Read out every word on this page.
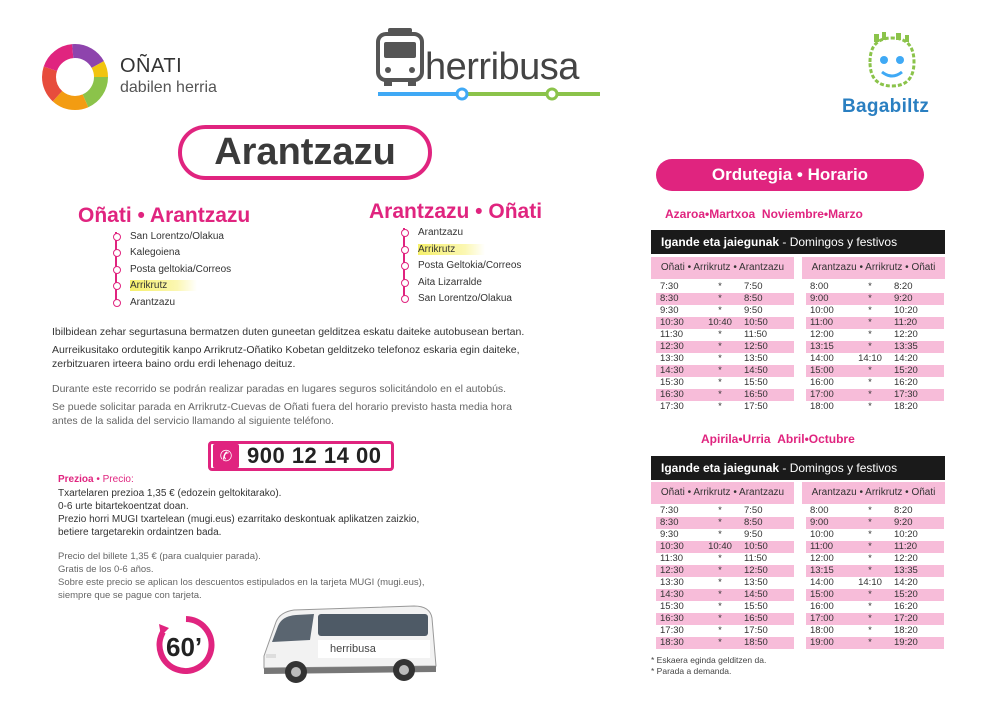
OÑATI
dabilen herria	herribusa
Bagabiltz
Arantzazu
Oñati • Arantzazu
San Lorentzo/Olakua
Kalegoiena
Posta geltokia/Correos
Arrikrutz
Arantzazu
Arantzazu • Oñati
Arantzazu
Arrikrutz
Posta Geltokia/Correos
Aita Lizarralde
San Lorentzo/Olakua
Ibilbidean zehar segurtasuna bermatzen duten guneetan gelditzea eskatu daiteke autobusean bertan.
Aurreikusitako ordutegitik kanpo Arrikrutz-Oñatiko Kobetan gelditzeko telefonoz eskaria egin daiteke,
zerbitzuaren irteera baino ordu erdi lehenago deituz.
Durante este recorrido se podrán realizar paradas en lugares seguros solicitándolo en el autobús.
Se puede solicitar parada en Arrikrutz-Cuevas de Oñati fuera del horario previsto hasta media hora
antes de la salida del servicio llamando al siguiente teléfono.
✆ 900 12 14 00
Prezioa • Precio:
Txartelaren prezioa 1,35 € (edozein geltokitarako).
0-6 urte bitartekoentzat doan.
Prezio horri MUGI txartelean (mugi.eus) ezarritako deskontuak aplikatzen zaizkio,
betiere targetarekin ordaintzen bada.
Precio del billete 1,35 € (para cualquier parada).
Gratis de los 0-6 años.
Sobre este precio se aplican los descuentos estipulados en la tarjeta MUGI (mugi.eus),
siempre que se pague con tarjeta.
60’	herribusa
Ordutegia • Horario
Azaroa•Martxoa Noviembre•Marzo
Igande eta jaiegunak - Domingos y festivos
Oñati • Arrikrutz • Arantzazu	Arantzazu • Arrikrutz • Oñati
7:30	*	7:50
8:30	*	8:50
9:30	*	9:50
10:30	10:40 10:50
11:30	*	11:50
12:30	*	12:50
13:30	*	13:50
14:30	*	14:50
15:30	*	15:50
16:30	*	16:50
17:30	*	17:50
8:00	*	8:20
9:00	*	9:20
10:00	*	10:20
11:00	*	11:20
12:00	*	12:20
13:15	*	13:35
14:00	14:10 14:20
15:00	*	15:20
16:00	*	16:20
17:00	*	17:30
18:00	*	18:20
Apirila•Urria Abril•Octubre
Igande eta jaiegunak - Domingos y festivos
Oñati • Arrikrutz • Arantzazu	Arantzazu • Arrikrutz • Oñati
7:30	*	7:50
8:30	*	8:50
9:30	*	9:50
10:30	10:40 10:50
11:30	*	11:50
12:30	*	12:50
13:30	*	13:50
14:30	*	14:50
15:30	*	15:50
16:30	*	16:50
17:30	*	17:50
18:30	*	18:50
8:00	*	8:20
9:00	*	9:20
10:00	*	10:20
11:00	*	11:20
12:00	*	12:20
13:15	*	13:35
14:00	14:10 14:20
15:00	*	15:20
16:00	*	16:20
17:00	*	17:20
18:00	*	18:20
19:00	*	19:20
* Eskaera eginda gelditzen da.
* Parada a demanda.
